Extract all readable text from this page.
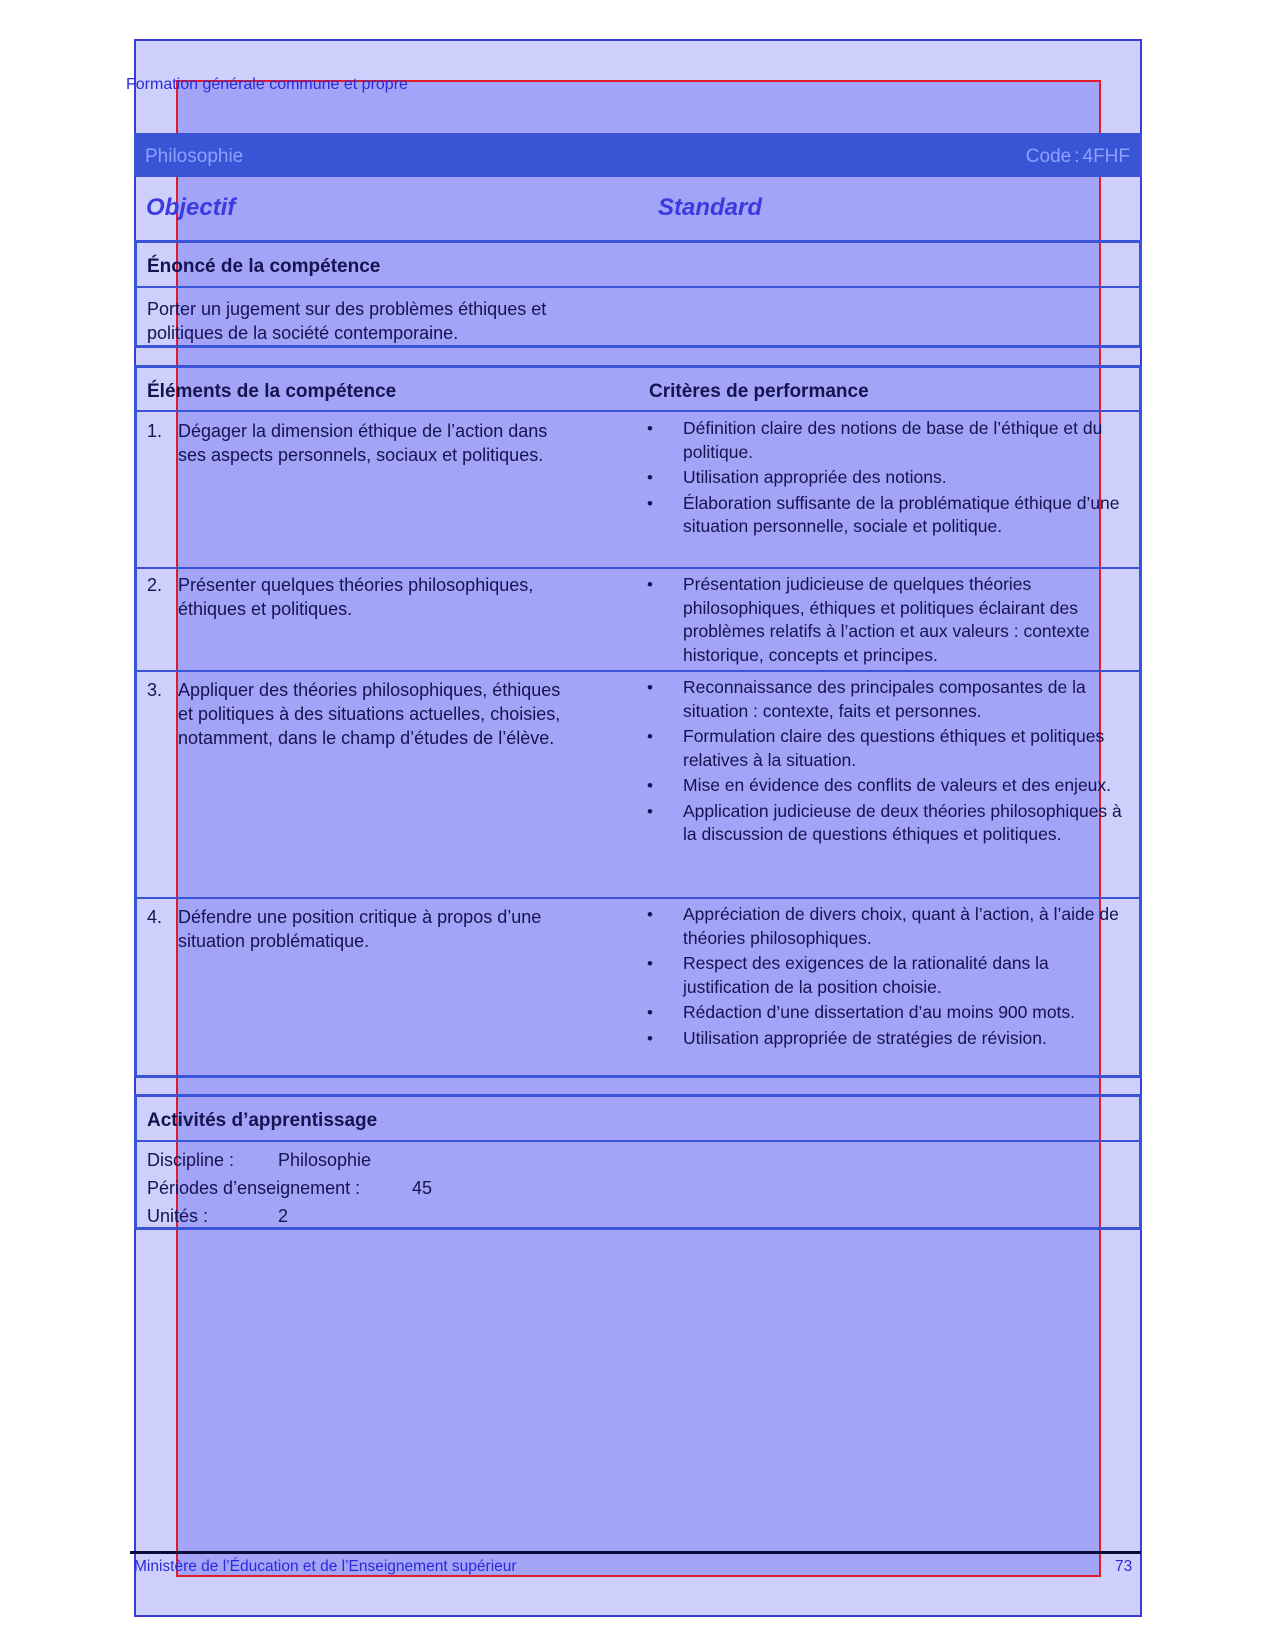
Formation générale commune et propre
Philosophie	Code : 4FHF
Objectif	Standard
Énoncé de la compétence
Porter un jugement sur des problèmes éthiques et
politiques de la société contemporaine.
Éléments de la compétence	Critères de performance
1. Dégager la dimension éthique de l’action dans
ses aspects personnels, sociaux et politiques.
• Définition claire des notions de base de l’éthique et du politique.
• Utilisation appropriée des notions.
• Élaboration suffisante de la problématique éthique d’une situation personnelle, sociale et politique.
2. Présenter quelques théories philosophiques,
éthiques et politiques.
• Présentation judicieuse de quelques théories philosophiques, éthiques et politiques éclairant des problèmes relatifs à l’action et aux valeurs : contexte historique, concepts et principes.
3. Appliquer des théories philosophiques, éthiques
et politiques à des situations actuelles, choisies,
notamment, dans le champ d’études de l’élève.
• Reconnaissance des principales composantes de la situation : contexte, faits et personnes.
• Formulation claire des questions éthiques et politiques relatives à la situation.
• Mise en évidence des conflits de valeurs et des enjeux.
• Application judicieuse de deux théories philosophiques à la discussion de questions éthiques et politiques.
4. Défendre une position critique à propos d’une
situation problématique.
• Appréciation de divers choix, quant à l’action, à l’aide de théories philosophiques.
• Respect des exigences de la rationalité dans la justification de la position choisie.
• Rédaction d’une dissertation d’au moins 900 mots.
• Utilisation appropriée de stratégies de révision.
Activités d’apprentissage
Discipline : Philosophie
Périodes d’enseignement :	45
Unités :	2
Ministère de l’Éducation et de l’Enseignement supérieur	73
